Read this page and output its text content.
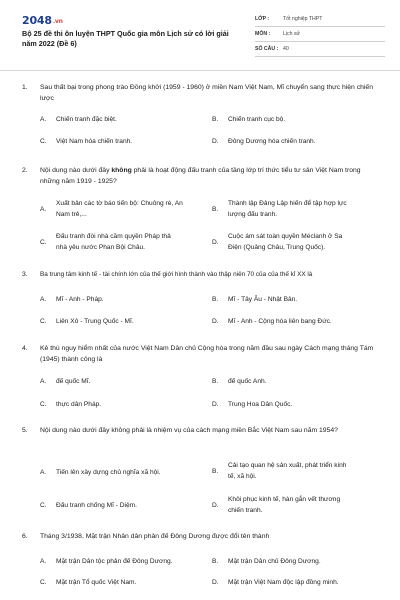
2048.vn
Bộ 25 đề thi ôn luyện THPT Quốc gia môn Lịch sử có lời giải năm 2022 (Đề 6)
LỚP :	Tốt nghiệp THPT
MÔN :	Lịch sử
SỐ CÂU : 40
1.	Sau thất bại trong phong trào Đồng khởi (1959 - 1960) ở miền Nam Việt Nam, Mĩ chuyển sang thực hiện chiến lược
A.	Chiến tranh đặc biệt.	B.	Chiến tranh cục bộ.
C.	Việt Nam hóa chiến tranh.	D.	Đông Dương hóa chiến tranh.
2.	Nội dung nào dưới đây không phải là hoạt động đấu tranh của tầng lớp trí thức tiểu tư sản Việt Nam trong những năm 1919 - 1925?
A.
Xuất bản các tờ báo tiến bộ: Chuông rè, An
Nam trẻ,...
B.
Thành lập Đảng Lập hiến để tập hợp lực
lượng đấu tranh.
C.
Đấu tranh đòi nhà cầm quyền Pháp thả
nhà yêu nước Phan Bội Châu.
D.
Cuộc ám sát toàn quyền Méclanh ở Sa
Điện (Quảng Châu, Trung Quốc).
3.	Ba trung tâm kinh tế - tài chính lớn của thế giới hình thành vào thập niên 70 của của thế kỉ XX là
A.	Mĩ - Anh - Pháp.	B.	Mĩ - Tây Âu - Nhật Bản.
C.	Liên Xô - Trung Quốc - Mĩ.	D.	Mĩ - Anh - Cộng hòa liên bang Đức.
4.	Kẻ thù nguy hiểm nhất của nước Việt Nam Dân chủ Cộng hòa trong năm đầu sau ngày Cách mạng tháng Tám (1945) thành công là
A.	đế quốc Mĩ.	B.	đế quốc Anh.
C.	thực dân Pháp.	D.	Trung Hoa Dân Quốc.
5.	Nội dung nào dưới đây không phải là nhiệm vụ của cách mạng miền Bắc Việt Nam sau năm 1954?
A.	Tiến lên xây dựng chủ nghĩa xã hội.	B.
Cải tạo quan hệ sản xuất, phát triển kinh
tế, xã hội.
C.	Đấu tranh chống Mĩ - Diệm.	D.
Khôi phục kinh tế, hàn gắn vết thương
chiến tranh.
6.	Tháng 3/1938, Mặt trận Nhân dân phản đế Đông Dương được đổi tên thành
A.	Mặt trận Dân tộc phản đế Đông Dương.	B.	Mặt trận Dân chủ Đông Dương.
C.	Mặt trận Tổ quốc Việt Nam.	D.	Mặt trận Việt Nam độc lập đồng minh.
